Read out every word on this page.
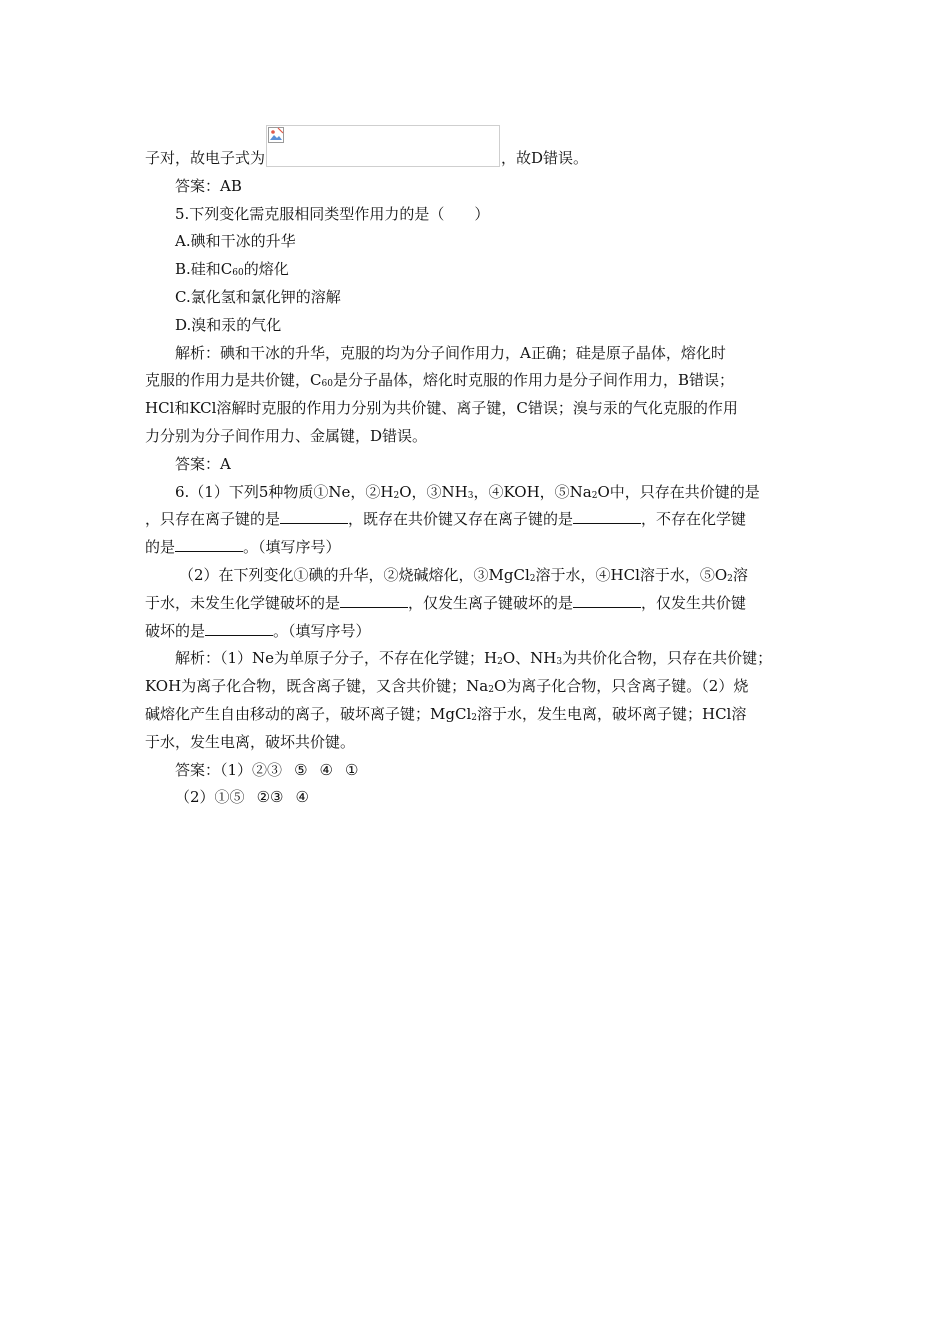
子对，故电子式为	，故D错误。

答案：AB

5.下列变化需克服相同类型作用力的是（　　）

A.碘和干冰的升华

B.硅和$C_{60}$的熔化

C.氯化氢和氯化钾的溶解

D.溴和汞的气化

解析：碘和干冰的升华，克服的均为分子间作用力，A正确；硅是原子晶体，熔化时

克服的作用力是共价键，$C_{60}$是分子晶体，熔化时克服的作用力是分子间作用力，B错误；

HCl和KCl溶解时克服的作用力分别为共价键、离子键，C错误；溴与汞的气化克服的作用

力分别为分子间作用力、金属键，D错误。

答案：A

6.（1）下列5种物质①Ne，$②H_2O$，$③NH_3$，④KOH，$⑤Na_2O$中，只存在共价键的是

，只存在离子键的是	，既存在共价键又存在离子键的是	，不存在化学键

的是	。（填写序号）

（2）在下列变化①碘的升华，②烧碱熔化，③MgCl$_2$溶于水，④HCl溶于水，$⑤O_2$溶

于水，未发生化学键破坏的是	，仅发生离子键破坏的是	，仅发生共价键

破坏的是	。（填写序号）

解析：（1）Ne为单原子分子，不存在化学键；$H_2O$、$NH_3$为共价化合物，只存在共价键；

KOH为离子化合物，既含离子键，又含共价键；$Na_2O$为离子化合物，只含离子键。（2）烧

碱熔化产生自由移动的离子，破坏离子键；MgCl$_2$溶于水，发生电离，破坏离子键；HCl溶

于水，发生电离，破坏共价键。

答案：（1）②③ ⑤ ④ ①

（2）①⑤ ②③ ④
